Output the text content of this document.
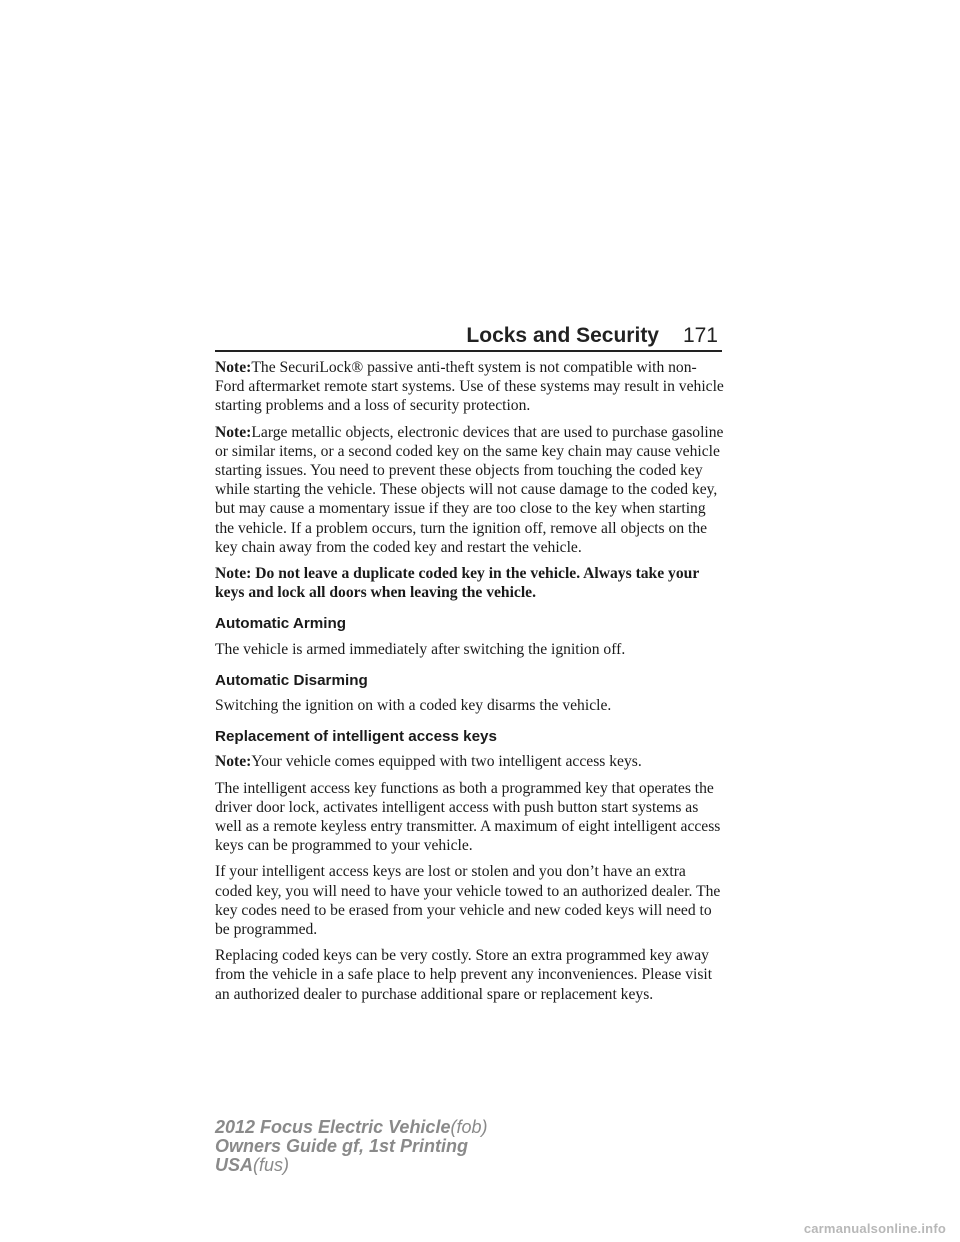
Locks and Security 171

Note:The SecuriLock® passive anti-theft system is not compatible with non-Ford aftermarket remote start systems. Use of these systems may result in vehicle starting problems and a loss of security protection.

Note:Large metallic objects, electronic devices that are used to purchase gasoline or similar items, or a second coded key on the same key chain may cause vehicle starting issues. You need to prevent these objects from touching the coded key while starting the vehicle. These objects will not cause damage to the coded key, but may cause a momentary issue if they are too close to the key when starting the vehicle. If a problem occurs, turn the ignition off, remove all objects on the key chain away from the coded key and restart the vehicle.

Note: Do not leave a duplicate coded key in the vehicle. Always take your keys and lock all doors when leaving the vehicle.

Automatic Arming

The vehicle is armed immediately after switching the ignition off.

Automatic Disarming

Switching the ignition on with a coded key disarms the vehicle.

Replacement of intelligent access keys

Note:Your vehicle comes equipped with two intelligent access keys.

The intelligent access key functions as both a programmed key that operates the driver door lock, activates intelligent access with push button start systems as well as a remote keyless entry transmitter. A maximum of eight intelligent access keys can be programmed to your vehicle.

If your intelligent access keys are lost or stolen and you don’t have an extra coded key, you will need to have your vehicle towed to an authorized dealer. The key codes need to be erased from your vehicle and new coded keys will need to be programmed.

Replacing coded keys can be very costly. Store an extra programmed key away from the vehicle in a safe place to help prevent any inconveniences. Please visit an authorized dealer to purchase additional spare or replacement keys.

2012 Focus Electric Vehicle(fob)
Owners Guide gf, 1st Printing
USA(fus)
carmanualsonline.info
